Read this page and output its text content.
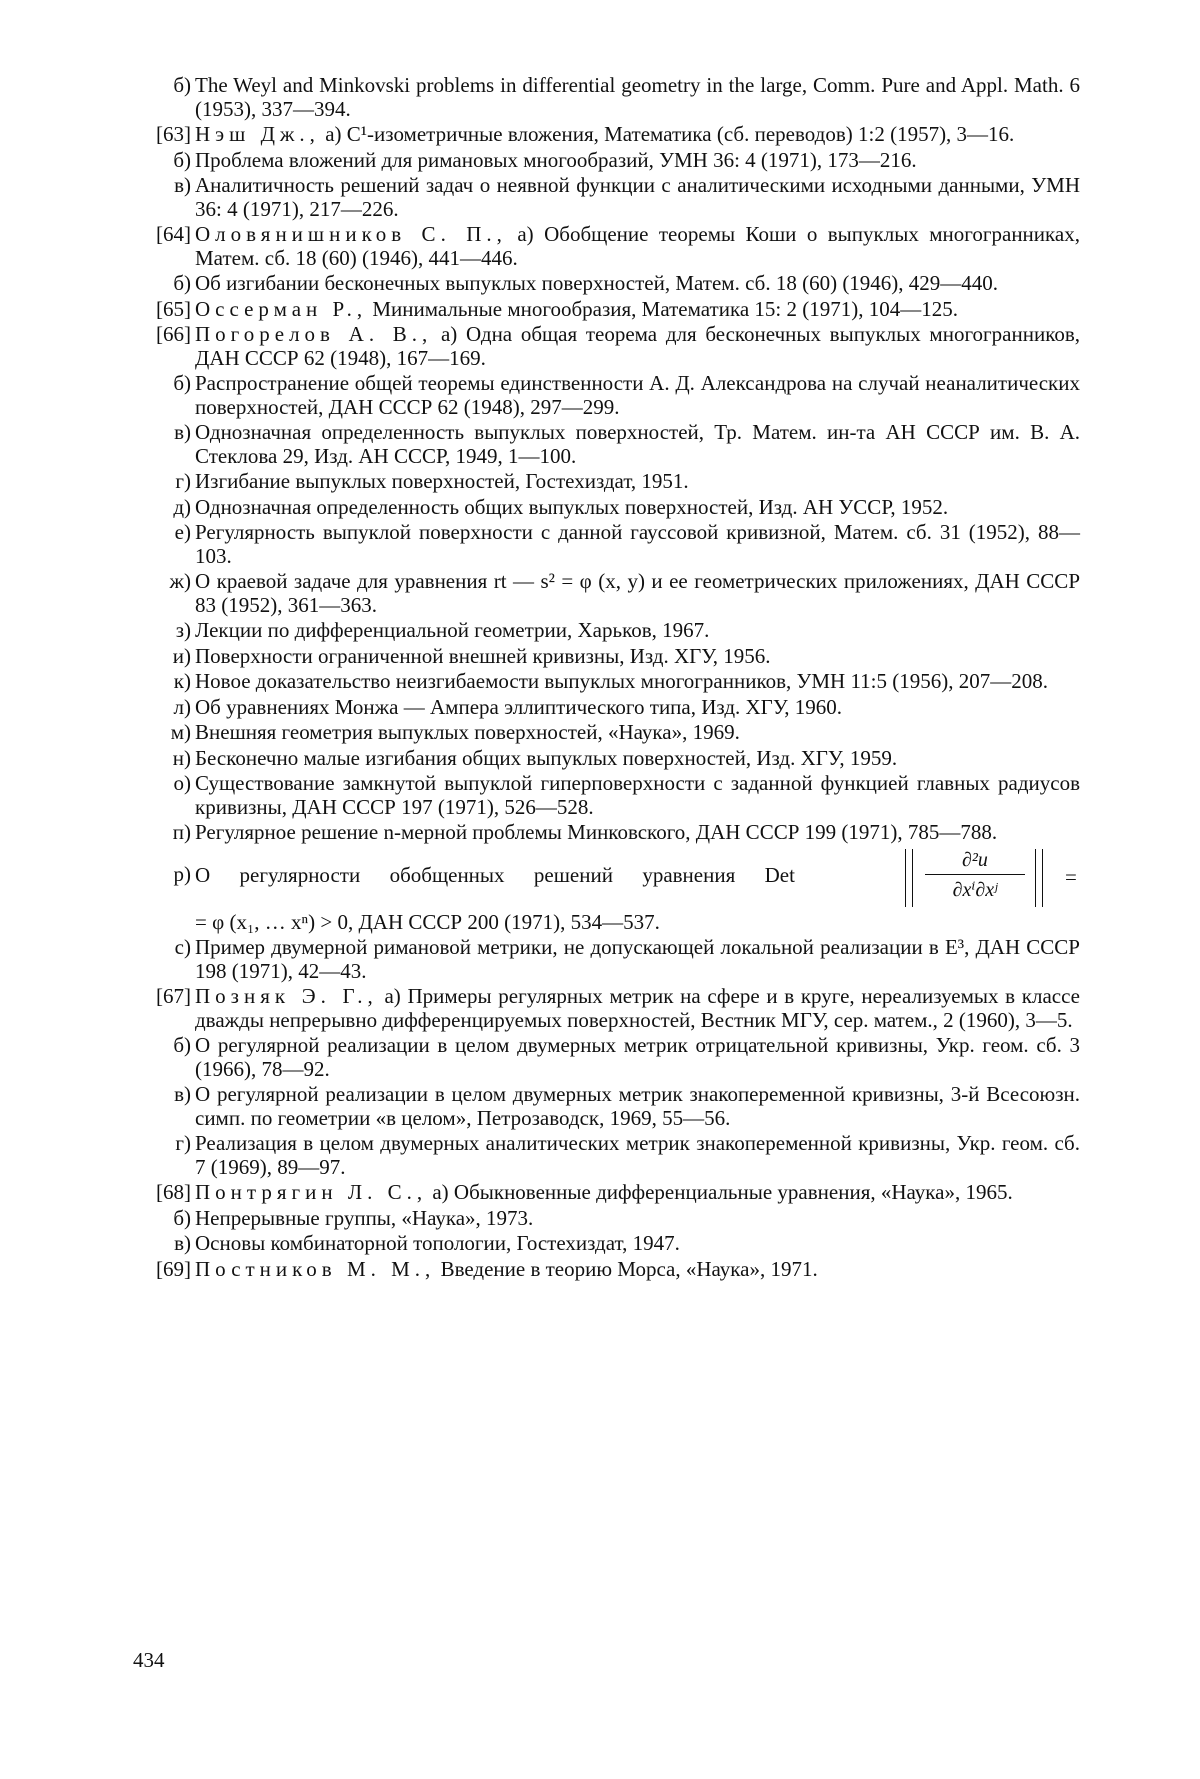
б) The Weyl and Minkovski problems in differential geometry in the large, Comm. Pure and Appl. Math. 6 (1953), 337—394.
[63] Нэш Дж., а) C¹-изометричные вложения, Математика (сб. переводов) 1:2 (1957), 3—16.
б) Проблема вложений для римановых многообразий, УМН 36: 4 (1971), 173—216.
в) Аналитичность решений задач о неявной функции с аналитическими исходными данными, УМН 36: 4 (1971), 217—226.
[64] Оловянишников С. П., а) Обобщение теоремы Коши о выпуклых многогранниках, Матем. сб. 18 (60) (1946), 441—446.
б) Об изгибании бесконечных выпуклых поверхностей, Матем. сб. 18 (60) (1946), 429—440.
[65] Оссерман Р., Минимальные многообразия, Математика 15: 2 (1971), 104—125.
[66] Погорелов А. В., а) Одна общая теорема для бесконечных выпуклых многогранников, ДАН СССР 62 (1948), 167—169.
б) Распространение общей теоремы единственности А. Д. Александрова на случай неаналитических поверхностей, ДАН СССР 62 (1948), 297—299.
в) Однозначная определенность выпуклых поверхностей, Тр. Матем. ин-та АН СССР им. В. А. Стеклова 29, Изд. АН СССР, 1949, 1—100.
г) Изгибание выпуклых поверхностей, Гостехиздат, 1951.
д) Однозначная определенность общих выпуклых поверхностей, Изд. АН УССР, 1952.
е) Регулярность выпуклой поверхности с данной гауссовой кривизной, Матем. сб. 31 (1952), 88—103.
ж) О краевой задаче для уравнения rt — s² = φ (x, y) и ее геометрических приложениях, ДАН СССР 83 (1952), 361—363.
з) Лекции по дифференциальной геометрии, Харьков, 1967.
и) Поверхности ограниченной внешней кривизны, Изд. ХГУ, 1956.
к) Новое доказательство неизгибаемости выпуклых многогранников, УМН 11:5 (1956), 207—208.
л) Об уравнениях Монжа — Ампера эллиптического типа, Изд. ХГУ, 1960.
м) Внешняя геометрия выпуклых поверхностей, «Наука», 1969.
н) Бесконечно малые изгибания общих выпуклых поверхностей, Изд. ХГУ, 1959.
о) Существование замкнутой выпуклой гиперповерхности с заданной функцией главных радиусов кривизны, ДАН СССР 197 (1971), 526—528.
п) Регулярное решение n-мерной проблемы Минковского, ДАН СССР 199 (1971), 785—788.
р) О регулярности обобщенных решений уравнения Det
∂²u
∂xⁱ∂xʲ
=
= φ (x₁, … xⁿ) > 0, ДАН СССР 200 (1971), 534—537.
с) Пример двумерной римановой метрики, не допускающей локальной реализации в E³, ДАН СССР 198 (1971), 42—43.
[67] Позняк Э. Г., а) Примеры регулярных метрик на сфере и в круге, нереализуемых в классе дважды непрерывно дифференцируемых поверхностей, Вестник МГУ, сер. матем., 2 (1960), 3—5.
б) О регулярной реализации в целом двумерных метрик отрицательной кривизны, Укр. геом. сб. 3 (1966), 78—92.
в) О регулярной реализации в целом двумерных метрик знакопеременной кривизны, 3-й Всесоюзн. симп. по геометрии «в целом», Петрозаводск, 1969, 55—56.
г) Реализация в целом двумерных аналитических метрик знакопеременной кривизны, Укр. геом. сб. 7 (1969), 89—97.
[68] Понтрягин Л. С., а) Обыкновенные дифференциальные уравнения, «Наука», 1965.
б) Непрерывные группы, «Наука», 1973.
в) Основы комбинаторной топологии, Гостехиздат, 1947.
[69] Постников М. М., Введение в теорию Морса, «Наука», 1971.
434
